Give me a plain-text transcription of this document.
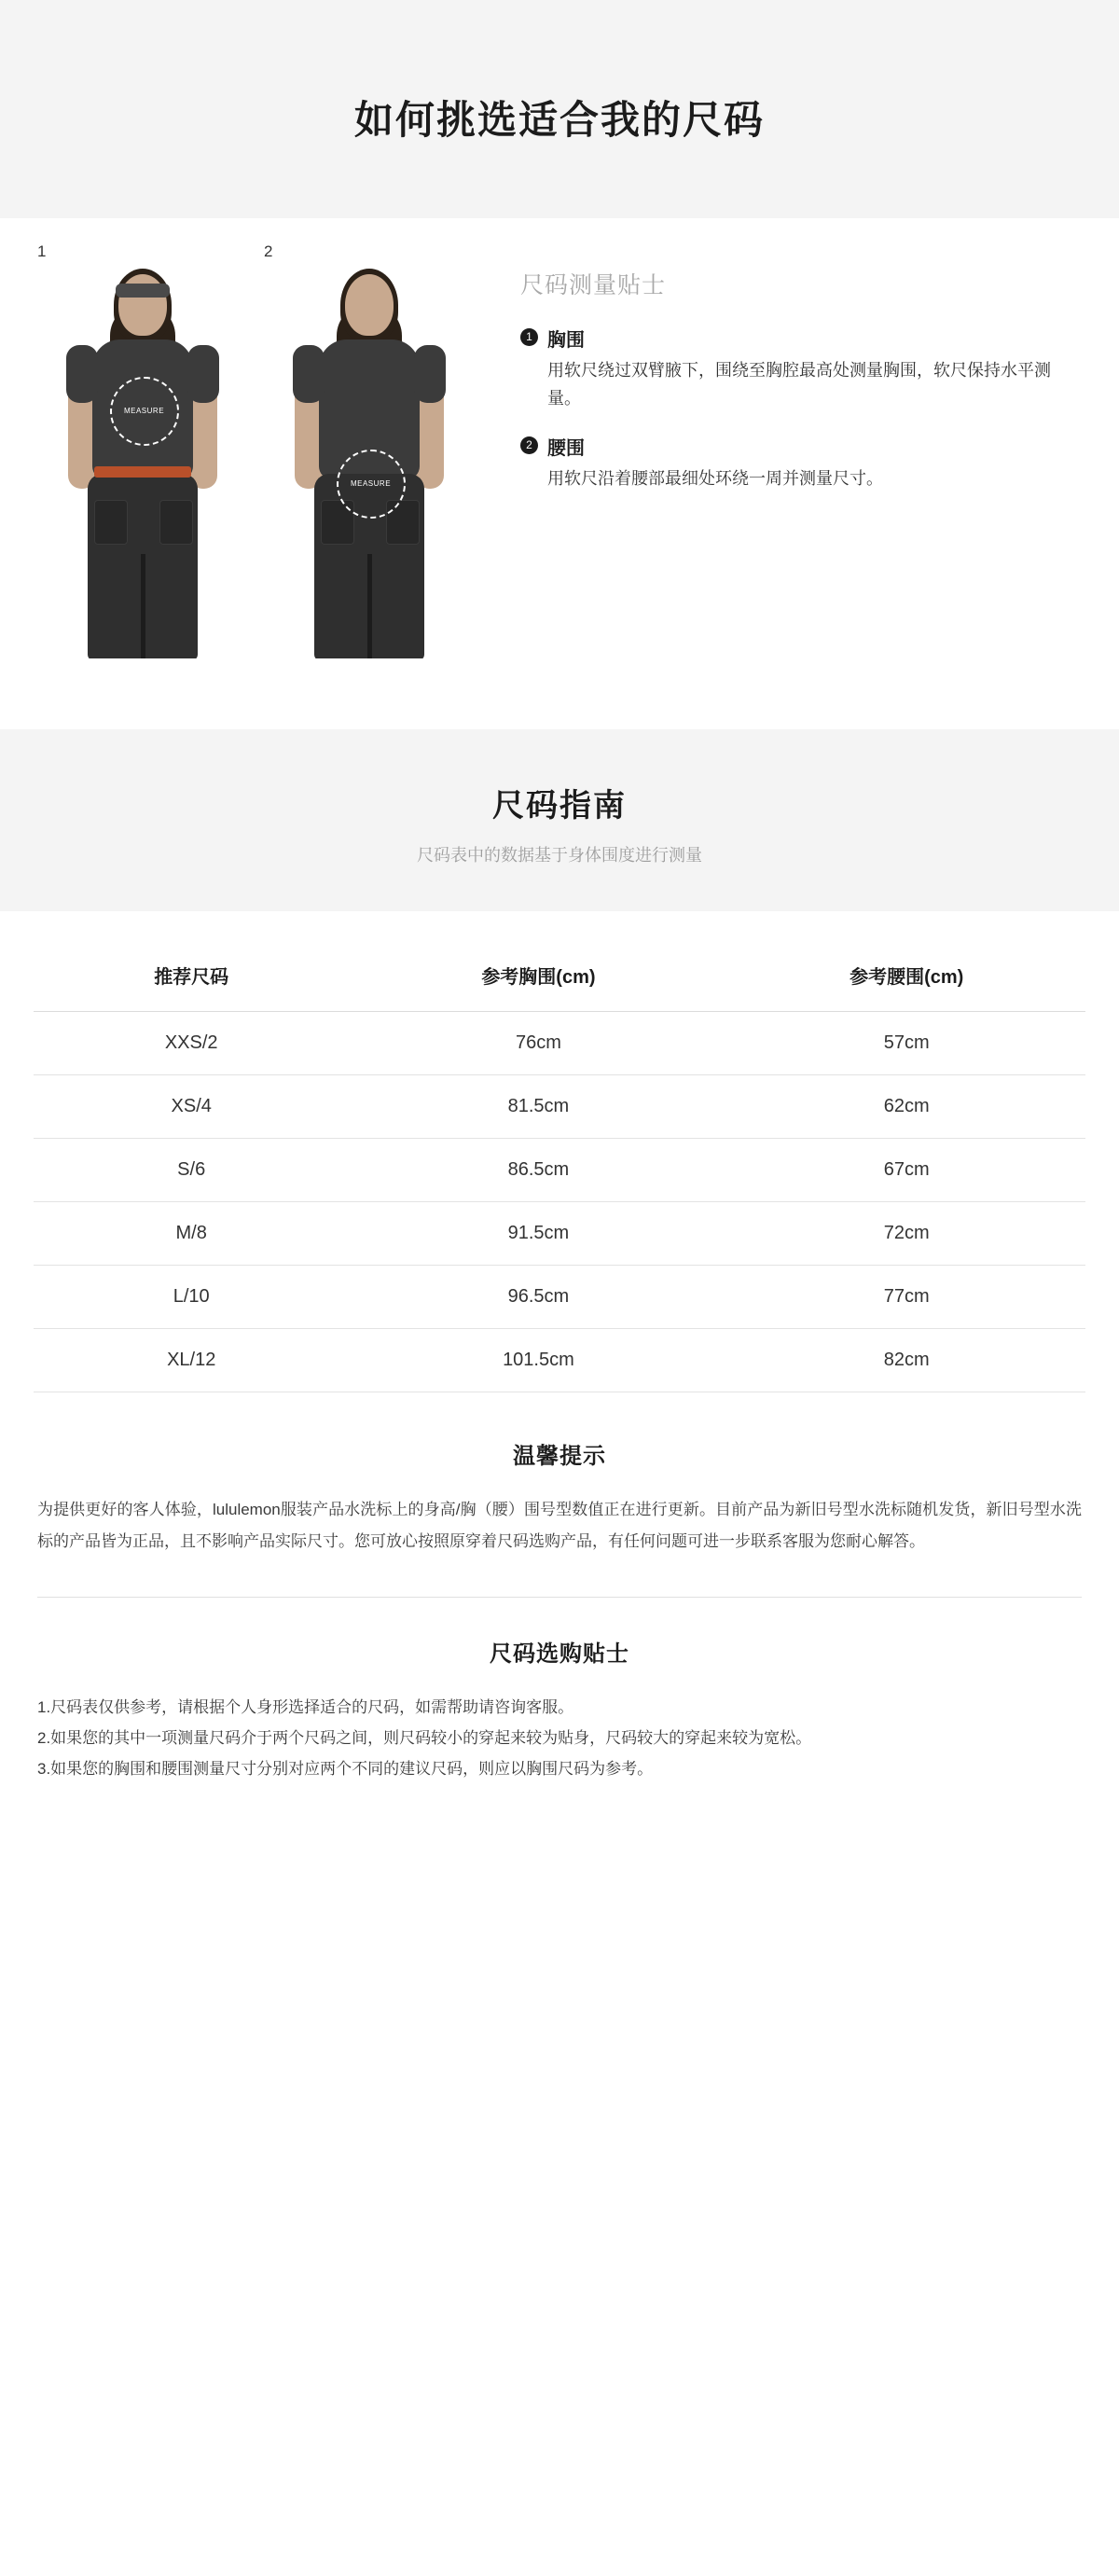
如何挑选适合我的尺码
1
MEASURE
2
MEASURE
尺码测量贴士
1 胸围
用软尺绕过双臂腋下，围绕至胸腔最高处测量胸围，软尺保持水平测量。
2 腰围
用软尺沿着腰部最细处环绕一周并测量尺寸。
尺码指南

尺码表中的数据基于身体围度进行测量

推荐尺码	参考胸围(cm)	参考腰围(cm)
XXS/2	76cm	57cm
XS/4	81.5cm	62cm
S/6	86.5cm	67cm
M/8	91.5cm	72cm
L/10	96.5cm	77cm
XL/12	101.5cm	82cm
温馨提示
为提供更好的客人体验，lululemon服装产品水洗标上的身高/胸（腰）围号型数值正在进行更新。目前产品为新旧号型水洗标随机发货，新旧号型水洗标的产品皆为正品，且不影响产品实际尺寸。您可放心按照原穿着尺码选购产品，有任何问题可进一步联系客服为您耐心解答。
尺码选购贴士
1.尺码表仅供参考，请根据个人身形选择适合的尺码，如需帮助请咨询客服。
2.如果您的其中一项测量尺码介于两个尺码之间，则尺码较小的穿起来较为贴身，尺码较大的穿起来较为宽松。
3.如果您的胸围和腰围测量尺寸分别对应两个不同的建议尺码，则应以胸围尺码为参考。
